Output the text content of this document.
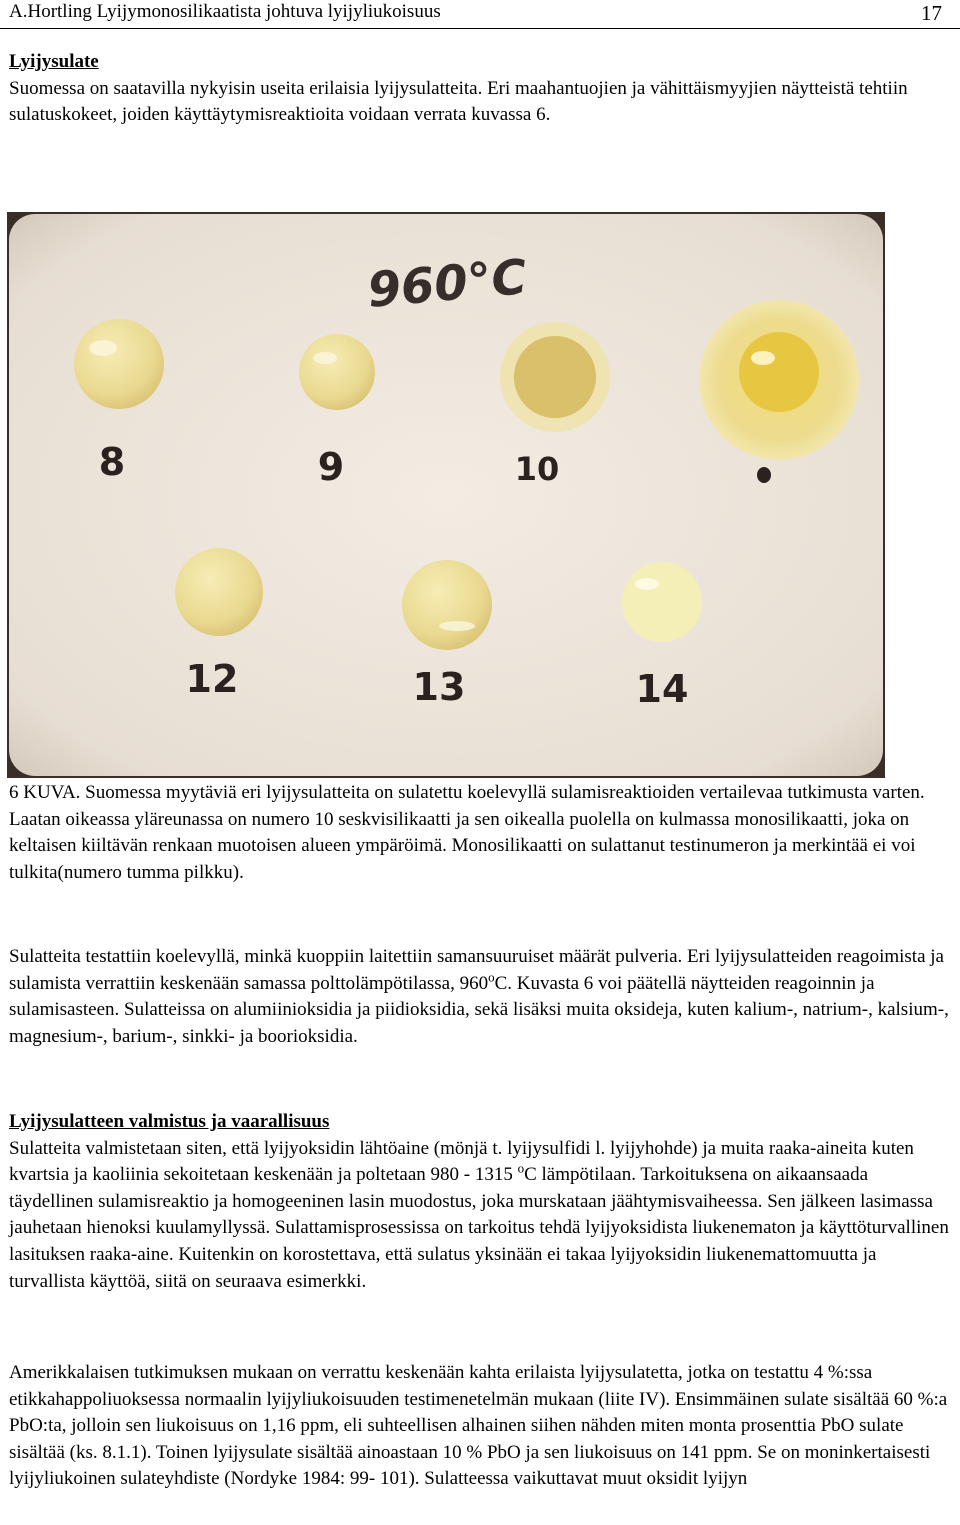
A.Hortling Lyijymonosilikaatista johtuva lyijyliukoisuus	17
Lyijysulate
Suomessa on saatavilla nykyisin useita erilaisia lyijysulatteita. Eri maahantuojien ja vähittäismyyjien näytteistä tehtiin sulatuskokeet, joiden käyttäytymisreaktioita voidaan verrata kuvassa 6.
960°C
8	9	10
12	13	14

6 KUVA. Suomessa myytäviä eri lyijysulatteita on sulatettu koelevyllä sulamisreaktioiden vertailevaa tutkimusta varten. Laatan oikeassa yläreunassa on numero 10 seskvisilikaatti ja sen oikealla puolella on kulmassa monosilikaatti, joka on keltaisen kiiltävän renkaan muotoisen alueen ympäröimä. Monosilikaatti on sulattanut testinumeron ja merkintää ei voi tulkita(numero tumma pilkku).

Sulatteita testattiin koelevyllä, minkä kuoppiin laitettiin samansuuruiset määrät pulveria. Eri lyijysulatteiden reagoimista ja sulamista verrattiin keskenään samassa polttolämpötilassa, 960$^o$C. Kuvasta 6 voi päätellä näytteiden reagoinnin ja sulamisasteen. Sulatteissa on alumiinioksidia ja piidioksidia, sekä lisäksi muita oksideja, kuten kalium-, natrium-, kalsium-, magnesium-, barium-, sinkki- ja boorioksidia.

Lyijysulatteen valmistus ja vaarallisuus
Sulatteita valmistetaan siten, että lyijyoksidin lähtöaine (mönjä t. lyijysulfidi l. lyijyhohde) ja muita raaka-aineita kuten kvartsia ja kaoliinia sekoitetaan keskenään ja poltetaan 980 - 1315 $^o$C lämpötilaan. Tarkoituksena on aikaansaada täydellinen sulamisreaktio ja homogeeninen lasin muodostus, joka murskataan jäähtymisvaiheessa. Sen jälkeen lasimassa jauhetaan hienoksi kuulamyllyssä. Sulattamisprosessissa on tarkoitus tehdä lyijyoksidista liukenematon ja käyttöturvallinen lasituksen raaka-aine. Kuitenkin on korostettava, että sulatus yksinään ei takaa lyijyoksidin liukenemattomuutta ja turvallista käyttöä, siitä on seuraava esimerkki.

Amerikkalaisen tutkimuksen mukaan on verrattu keskenään kahta erilaista lyijysulatetta, jotka on testattu 4 %:ssa etikkahappoliuoksessa normaalin lyijyliukoisuuden testimenetelmän mukaan (liite IV). Ensimmäinen sulate sisältää 60 %:a PbO:ta, jolloin sen liukoisuus on 1,16 ppm, eli suhteellisen alhainen siihen nähden miten monta prosenttia PbO sulate sisältää (ks. 8.1.1). Toinen lyijysulate sisältää ainoastaan 10 % PbO ja sen liukoisuus on 141 ppm. Se on moninkertaisesti lyijyliukoinen sulateyhdiste (Nordyke 1984: 99- 101). Sulatteessa vaikuttavat muut oksidit lyijyn
